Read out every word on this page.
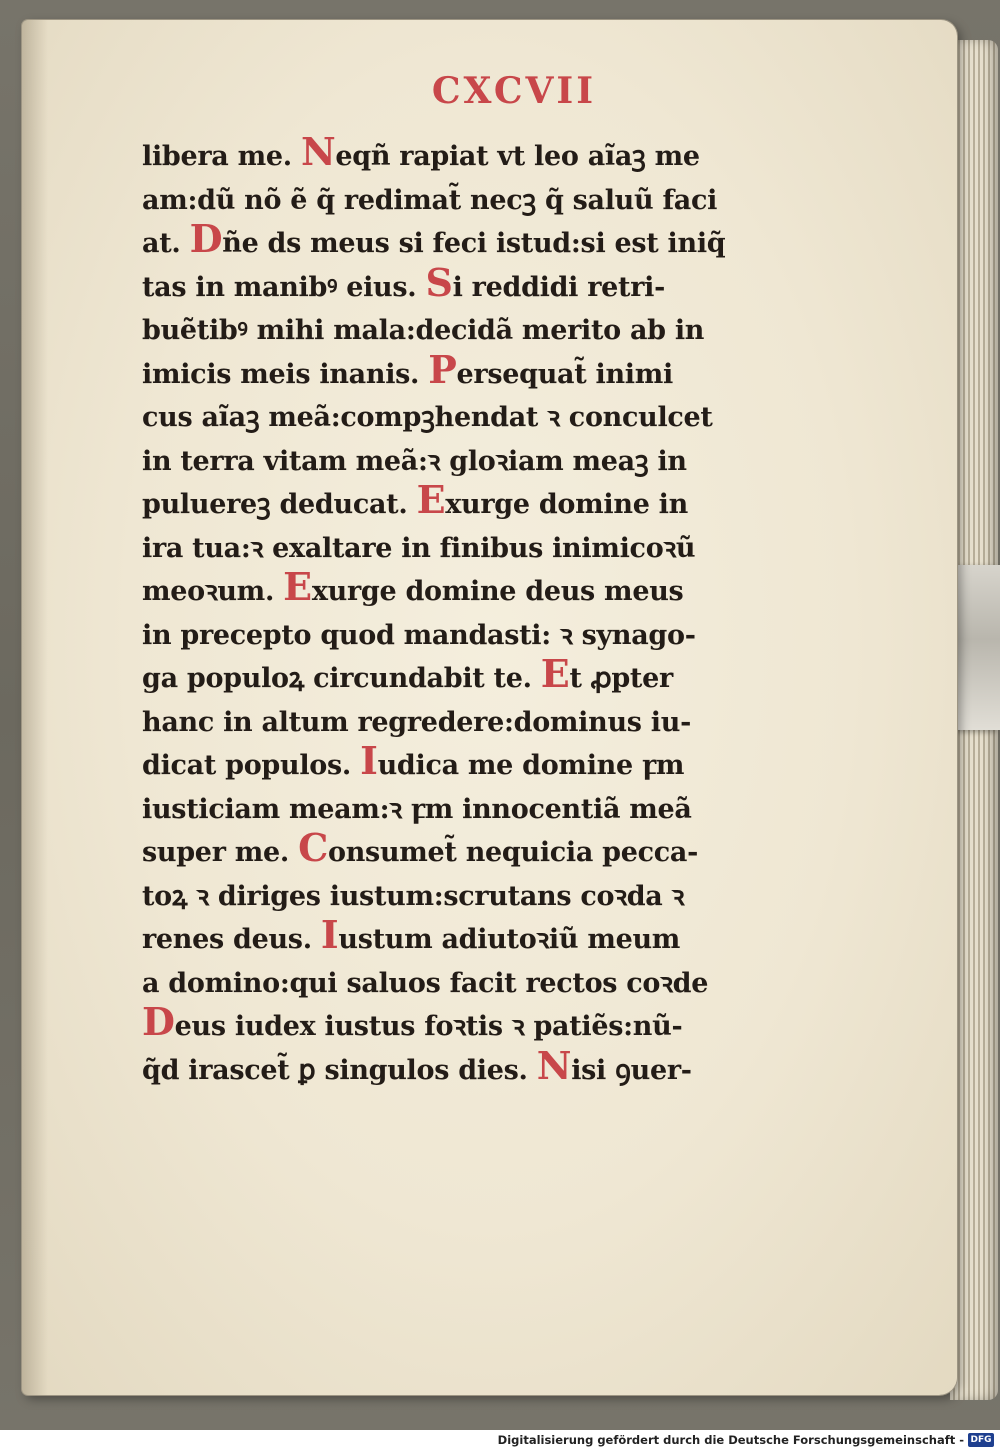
CXCVII
libera me. Neqñ rapiat vt leo aĩaꝫ me
am:dũ nõ ẽ q̃ redimat̃ necꝫ q̃ saluũ faci
at. Dñe ds meus si feci istud:si est iniq̃
tas in manibꝰ eius. Si reddidi retri-
buẽtibꝰ mihi mala:decidã merito ab in
imicis meis inanis. Persequat̃ inimi
cus aĩaꝫ meã:compꝫhendat ꝛ conculcet
in terra vitam meã:ꝛ gloꝛiam meaꝫ in
puluereꝫ deducat. Exurge domine in
ira tua:ꝛ exaltare in finibus inimicoꝛũ
meoꝛum. Exurge domine deus meus
in precepto quod mandasti: ꝛ synago-
ga populoꝝ circundabit te. Et ꝓpter
hanc in altum regredere:dominus iu-
dicat populos. Iudica me domine ꝼm
iusticiam meam:ꝛ ꝼm innocentiã meã
super me. Consumet̃ nequicia pecca-
toꝝ ꝛ diriges iustum:scrutans coꝛda ꝛ
renes deus. Iustum adiutoꝛiũ meum
a domino:qui saluos facit rectos coꝛde
Deus iudex iustus foꝛtis ꝛ patiẽs:nũ-
q̃d irascet̃ ꝑ singulos dies. Nisi ꝯuer-
Digitalisierung gefördert durch die Deutsche Forschungsgemeinschaft - DFG
